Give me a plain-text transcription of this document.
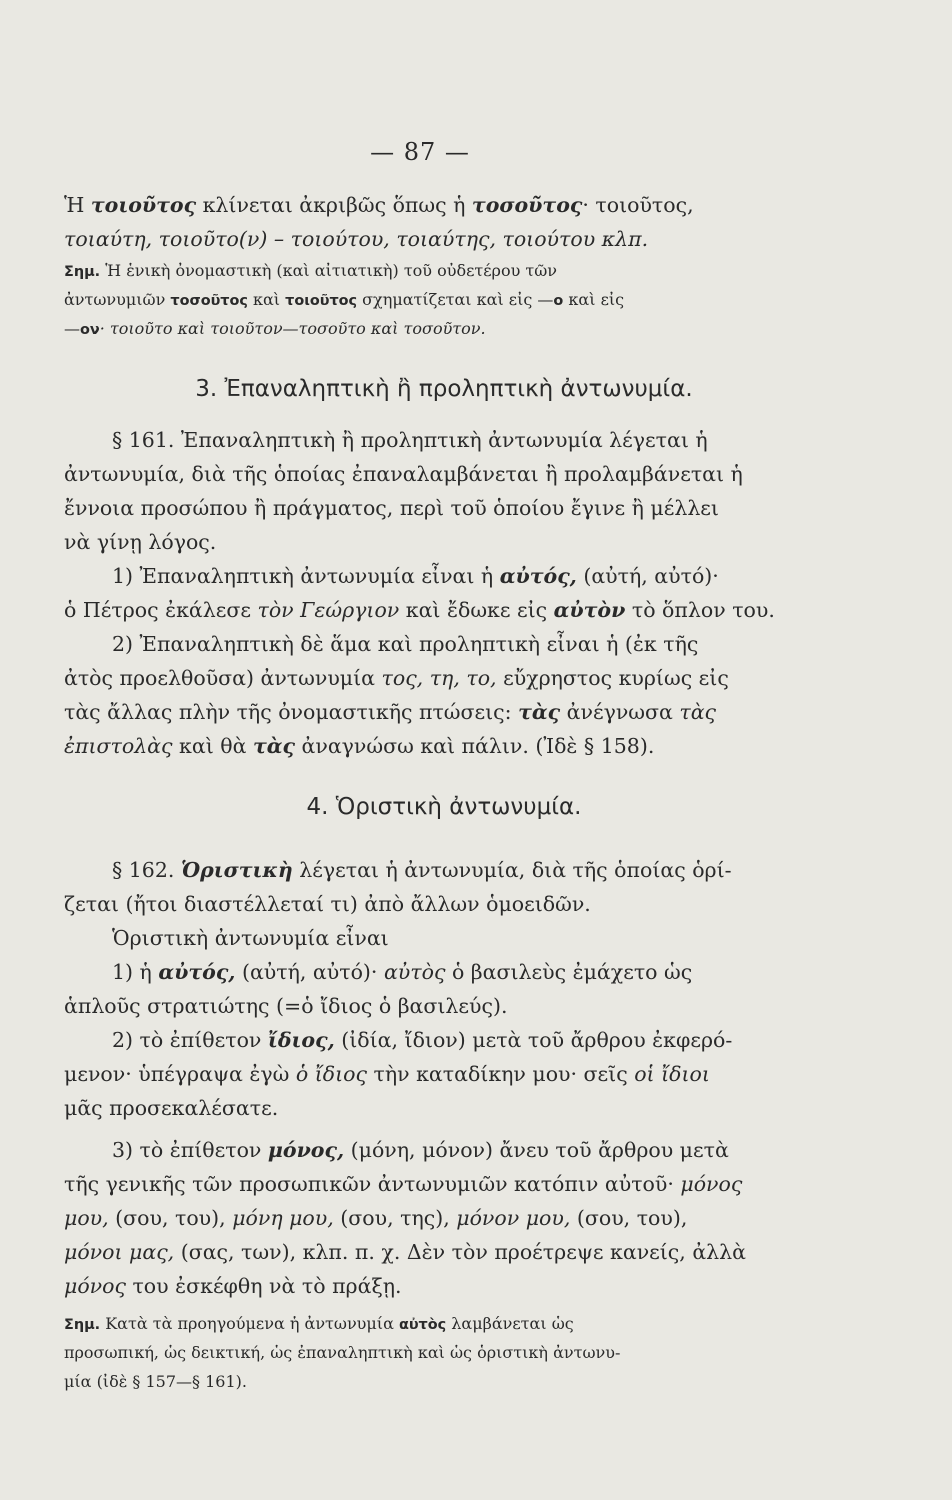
— 87 —
Ἡ τοιοῦτος κλίνεται ἀκριβῶς ὅπως ἡ τοσοῦτος· τοιοῦτος,
τοιαύτη, τοιοῦτο(ν) – τοιούτου, τοιαύτης, τοιούτου κλπ.
Σημ. Ἡ ἑνικὴ ὀνομαστικὴ (καὶ αἰτιατικὴ) τοῦ οὐδετέρου τῶν
ἀντωνυμιῶν τοσοῦτος καὶ τοιοῦτος σχηματίζεται καὶ εἰς —ο καὶ εἰς
—ον· τοιοῦτο καὶ τοιοῦτον—τοσοῦτο καὶ τοσοῦτον.
3. Ἐπαναληπτικὴ ἢ προληπτικὴ ἀντωνυμία.
§ 161. Ἐπαναληπτικὴ ἢ προληπτικὴ ἀντωνυμία λέγεται ἡ
ἀντωνυμία, διὰ τῆς ὁποίας ἐπαναλαμβάνεται ἢ προλαμβάνεται ἡ
ἔννοια προσώπου ἢ πράγματος, περὶ τοῦ ὁποίου ἔγινε ἢ μέλλει
νὰ γίνῃ λόγος.
1) Ἐπαναληπτικὴ ἀντωνυμία εἶναι ἡ αὐτός, (αὐτή, αὐτό)·
ὁ Πέτρος ἐκάλεσε τὸν Γεώργιον καὶ ἔδωκε εἰς αὐτὸν τὸ ὅπλον του.
2) Ἐπαναληπτικὴ δὲ ἅμα καὶ προληπτικὴ εἶναι ἡ (ἐκ τῆς
ἀτὸς προελθοῦσα) ἀντωνυμία τος, τη, το, εὔχρηστος κυρίως εἰς
τὰς ἄλλας πλὴν τῆς ὀνομαστικῆς πτώσεις: τὰς ἀνέγνωσα τὰς
ἐπιστολὰς καὶ θὰ τὰς ἀναγνώσω καὶ πάλιν. (Ἰδὲ § 158).
4. Ὁριστικὴ ἀντωνυμία.
§ 162. Ὁριστικὴ λέγεται ἡ ἀντωνυμία, διὰ τῆς ὁποίας ὁρί-
ζεται (ἤτοι διαστέλλεταί τι) ἀπὸ ἄλλων ὁμοειδῶν.
Ὁριστικὴ ἀντωνυμία εἶναι
1) ἡ αὐτός, (αὐτή, αὐτό)· αὐτὸς ὁ βασιλεὺς ἐμάχετο ὡς
ἁπλοῦς στρατιώτης (=ὁ ἴδιος ὁ βασιλεύς).
2) τὸ ἐπίθετον ἴδιος, (ἰδία, ἴδιον) μετὰ τοῦ ἄρθρου ἐκφερό-
μενον· ὑπέγραψα ἐγὼ ὁ ἴδιος τὴν καταδίκην μου· σεῖς οἱ ἴδιοι
μᾶς προσεκαλέσατε.
3) τὸ ἐπίθετον μόνος, (μόνη, μόνον) ἄνευ τοῦ ἄρθρου μετὰ
τῆς γενικῆς τῶν προσωπικῶν ἀντωνυμιῶν κατόπιν αὐτοῦ· μόνος
μου, (σου, του), μόνη μου, (σου, της), μόνον μου, (σου, του),
μόνοι μας, (σας, των), κλπ. π. χ. Δὲν τὸν προέτρεψε κανείς, ἀλλὰ
μόνος του ἐσκέφθη νὰ τὸ πράξῃ.
Σημ. Κατὰ τὰ προηγούμενα ἡ ἀντωνυμία αὐτὸς λαμβάνεται ὡς
προσωπική, ὡς δεικτική, ὡς ἐπαναληπτικὴ καὶ ὡς ὁριστικὴ ἀντωνυ-
μία (ἰδὲ § 157—§ 161).
